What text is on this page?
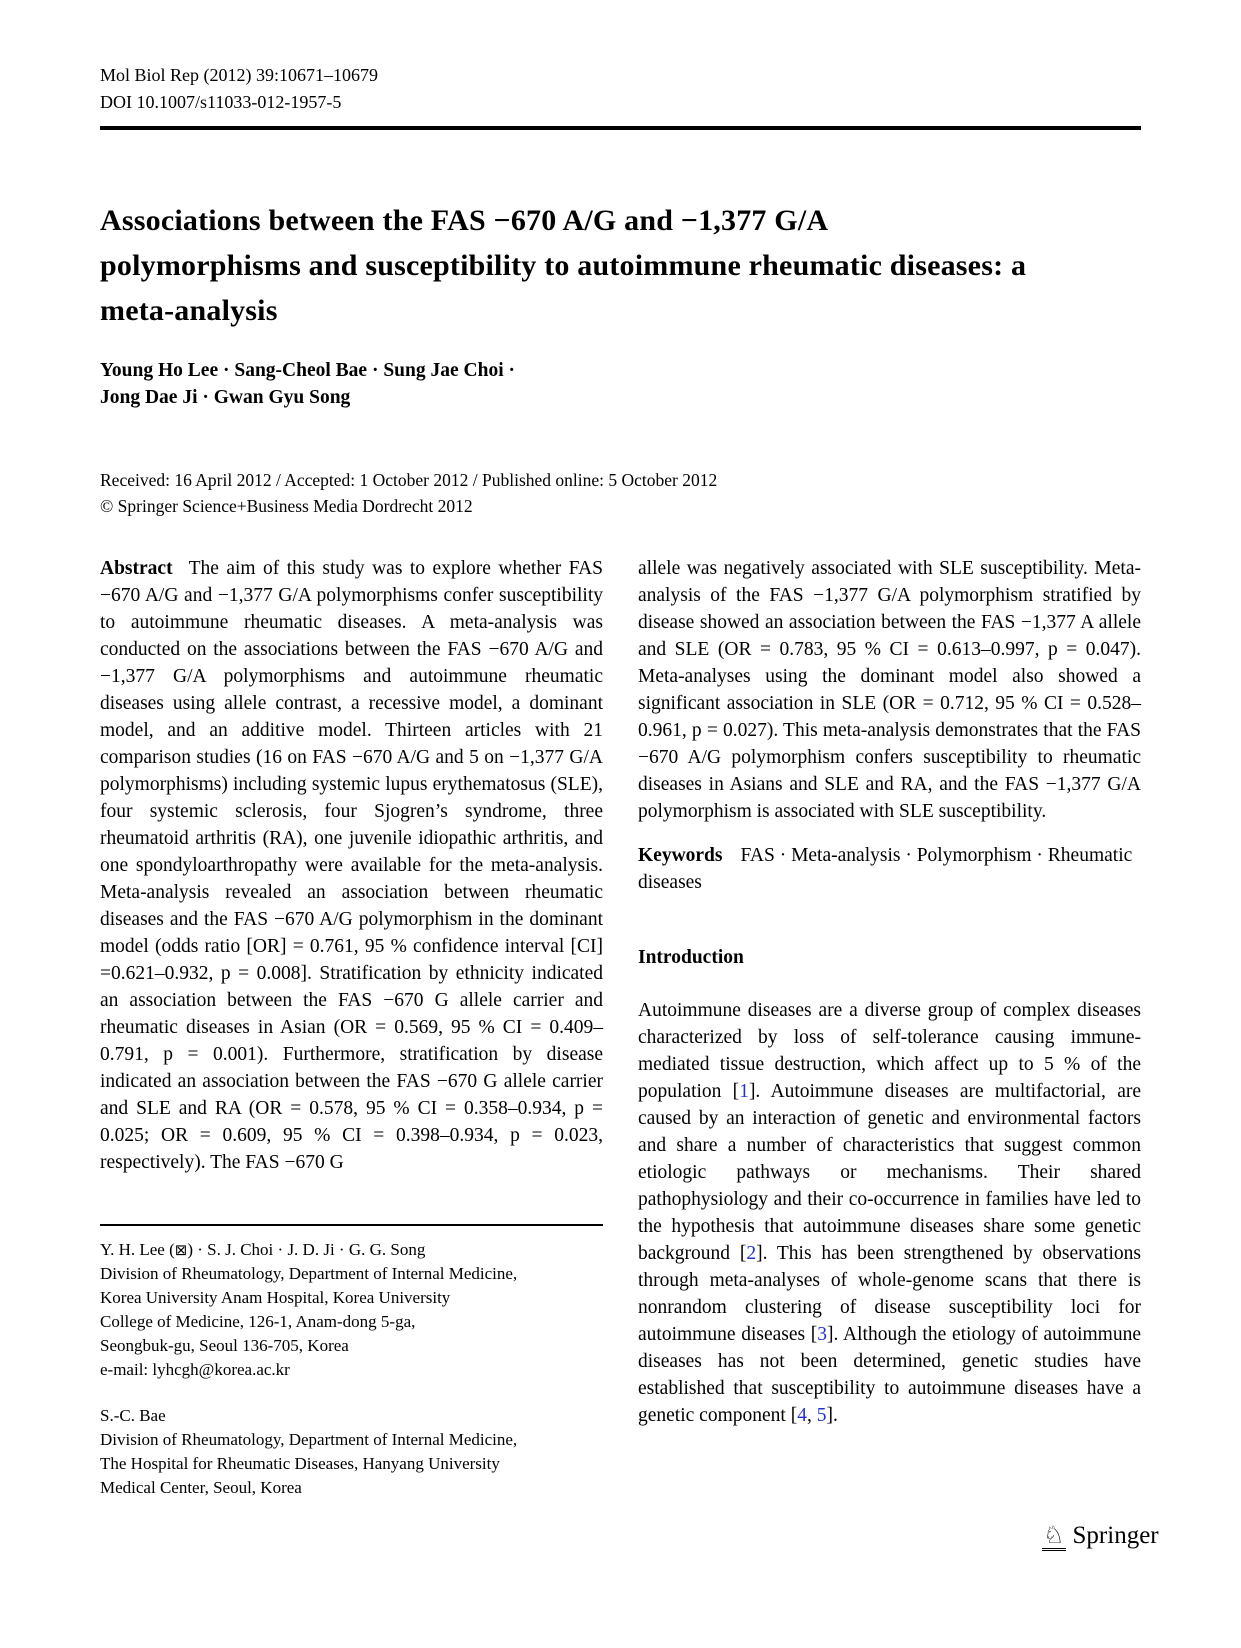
Mol Biol Rep (2012) 39:10671–10679
DOI 10.1007/s11033-012-1957-5
Associations between the FAS −670 A/G and −1,377 G/A polymorphisms and susceptibility to autoimmune rheumatic diseases: a meta-analysis
Young Ho Lee · Sang-Cheol Bae · Sung Jae Choi ·
Jong Dae Ji · Gwan Gyu Song
Received: 16 April 2012 / Accepted: 1 October 2012 / Published online: 5 October 2012
© Springer Science+Business Media Dordrecht 2012

Abstract The aim of this study was to explore whether FAS −670 A/G and −1,377 G/A polymorphisms confer susceptibility to autoimmune rheumatic diseases. A meta-analysis was conducted on the associations between the FAS −670 A/G and −1,377 G/A polymorphisms and autoimmune rheumatic diseases using allele contrast, a recessive model, a dominant model, and an additive model. Thirteen articles with 21 comparison studies (16 on FAS −670 A/G and 5 on −1,377 G/A polymorphisms) including systemic lupus erythematosus (SLE), four systemic sclerosis, four Sjogren’s syndrome, three rheumatoid arthritis (RA), one juvenile idiopathic arthritis, and one spondyloarthropathy were available for the meta-analysis. Meta-analysis revealed an association between rheumatic diseases and the FAS −670 A/G polymorphism in the dominant model (odds ratio [OR] = 0.761, 95 % confidence interval [CI] =0.621–0.932, p = 0.008]. Stratification by ethnicity indicated an association between the FAS −670 G allele carrier and rheumatic diseases in Asian (OR = 0.569, 95 % CI = 0.409–0.791, p = 0.001). Furthermore, stratification by disease indicated an association between the FAS −670 G allele carrier and SLE and RA (OR = 0.578, 95 % CI = 0.358–0.934, p = 0.025; OR = 0.609, 95 % CI = 0.398–0.934, p = 0.023, respectively). The FAS −670 G

Y. H. Lee (⊠) · S. J. Choi · J. D. Ji · G. G. Song
Division of Rheumatology, Department of Internal Medicine,
Korea University Anam Hospital, Korea University
College of Medicine, 126-1, Anam-dong 5-ga,
Seongbuk-gu, Seoul 136-705, Korea
e-mail: lyhcgh@korea.ac.kr
S.-C. Bae
Division of Rheumatology, Department of Internal Medicine,
The Hospital for Rheumatic Diseases, Hanyang University
Medical Center, Seoul, Korea

allele was negatively associated with SLE susceptibility. Meta-analysis of the FAS −1,377 G/A polymorphism stratified by disease showed an association between the FAS −1,377 A allele and SLE (OR = 0.783, 95 % CI = 0.613–0.997, p = 0.047). Meta-analyses using the dominant model also showed a significant association in SLE (OR = 0.712, 95 % CI = 0.528–0.961, p = 0.027). This meta-analysis demonstrates that the FAS −670 A/G polymorphism confers susceptibility to rheumatic diseases in Asians and SLE and RA, and the FAS −1,377 G/A polymorphism is associated with SLE susceptibility.

Keywords FAS · Meta-analysis · Polymorphism · Rheumatic diseases
Introduction

Autoimmune diseases are a diverse group of complex diseases characterized by loss of self-tolerance causing immune-mediated tissue destruction, which affect up to 5 % of the population [1]. Autoimmune diseases are multifactorial, are caused by an interaction of genetic and environmental factors and share a number of characteristics that suggest common etiologic pathways or mechanisms. Their shared pathophysiology and their co-occurrence in families have led to the hypothesis that autoimmune diseases share some genetic background [2]. This has been strengthened by observations through meta-analyses of whole-genome scans that there is nonrandom clustering of disease susceptibility loci for autoimmune diseases [3]. Although the etiology of autoimmune diseases has not been determined, genetic studies have established that susceptibility to autoimmune diseases have a genetic component [4, 5].

♘ Springer
